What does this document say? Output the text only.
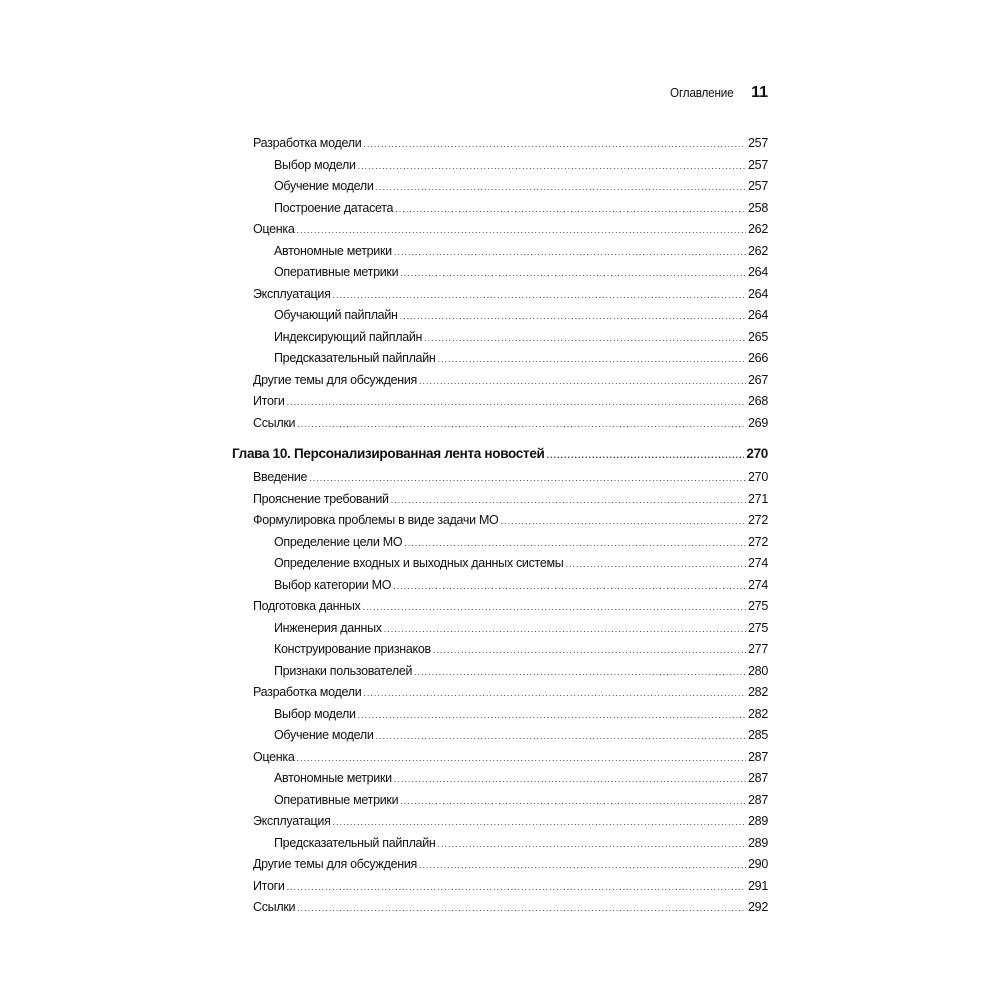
Оглавление 11
Разработка модели .....	257
Выбор модели .....	257
Обучение модели .....	257
Построение датасета .....	258
Оценка .....	262
Автономные метрики .....	262
Оперативные метрики .....	264
Эксплуатация .....	264
Обучающий пайплайн .....	264
Индексирующий пайплайн .....	265
Предсказательный пайплайн .....	266
Другие темы для обсуждения .....	267
Итоги .....	268
Ссылки .....	269
Глава 10. Персонализированная лента новостей .....	270
Введение .....	270
Прояснение требований .....	271
Формулировка проблемы в виде задачи МО .....	272
Определение цели МО .....	272
Определение входных и выходных данных системы .....	274
Выбор категории МО .....	274
Подготовка данных .....	275
Инженерия данных .....	275
Конструирование признаков .....	277
Признаки пользователей .....	280
Разработка модели .....	282
Выбор модели .....	282
Обучение модели .....	285
Оценка .....	287
Автономные метрики .....	287
Оперативные метрики .....	287
Эксплуатация .....	289
Предсказательный пайплайн .....	289
Другие темы для обсуждения .....	290
Итоги .....	291
Ссылки .....	292
